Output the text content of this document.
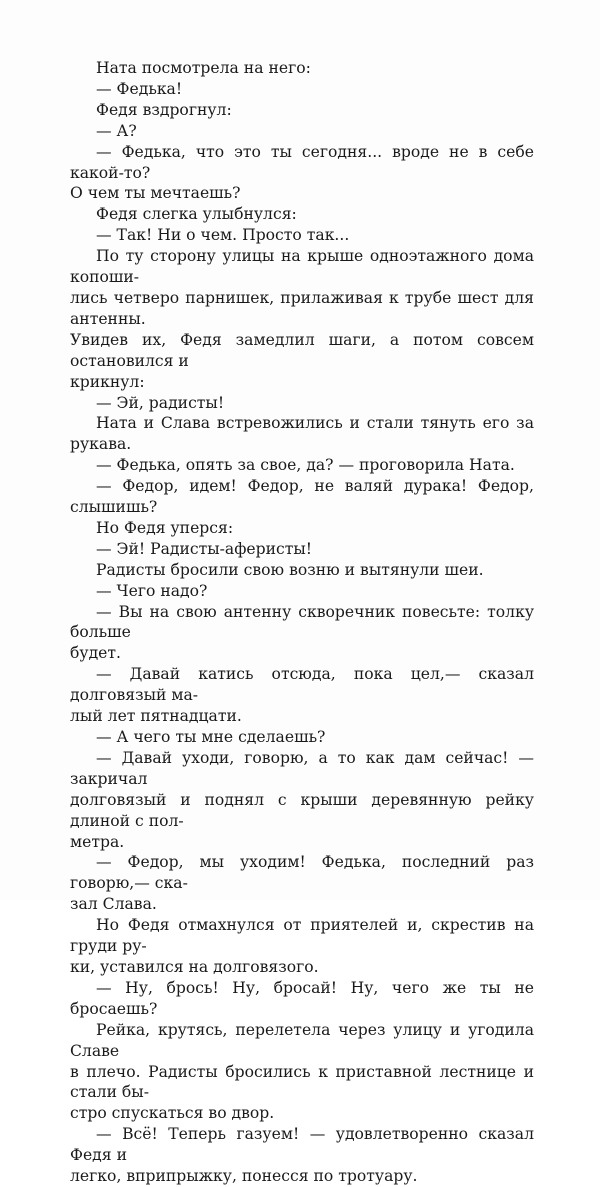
Ната посмотрела на него:

— Федька!

Федя вздрогнул:

— А?

— Федька, что это ты сегодня... вроде не в себе какой-то?
О чем ты мечтаешь?

Федя слегка улыбнулся:

— Так! Ни о чем. Просто так...

По ту сторону улицы на крыше одноэтажного дома копоши-
лись четверо парнишек, прилаживая к трубе шест для антенны.
Увидев их, Федя замедлил шаги, а потом совсем остановился и
крикнул:

— Эй, радисты!

Ната и Слава встревожились и стали тянуть его за рукава.

— Федька, опять за свое, да? — проговорила Ната.

— Федор, идем! Федор, не валяй дурака! Федор, слышишь?

Но Федя уперся:

— Эй! Радисты-аферисты!

Радисты бросили свою возню и вытянули шеи.

— Чего надо?

— Вы на свою антенну скворечник повесьте: толку больше
будет.

— Давай катись отсюда, пока цел,— сказал долговязый ма-
лый лет пятнадцати.

— А чего ты мне сделаешь?

— Давай уходи, говорю, а то как дам сейчас! — закричал
долговязый и поднял с крыши деревянную рейку длиной с пол-
метра.

— Федор, мы уходим! Федька, последний раз говорю,— ска-
зал Слава.

Но Федя отмахнулся от приятелей и, скрестив на груди ру-
ки, уставился на долговязого.

— Ну, брось! Ну, бросай! Ну, чего же ты не бросаешь?

Рейка, крутясь, перелетела через улицу и угодила Славе
в плечо. Радисты бросились к приставной лестнице и стали бы-
стро спускаться во двор.

— Всё! Теперь газуем! — удовлетворенно сказал Федя и
легко, вприпрыжку, понесся по тротуару.
